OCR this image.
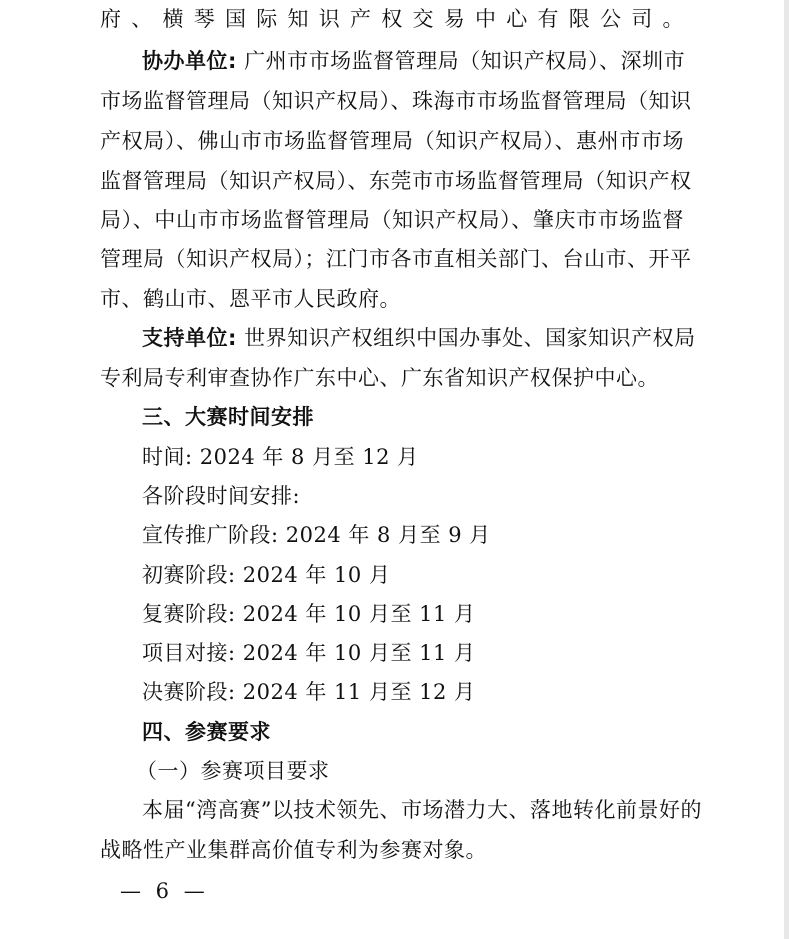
府、横琴国际知识产权交易中心有限公司。
协办单位: 广州市市场监督管理局（知识产权局）、深圳市
市场监督管理局（知识产权局）、珠海市市场监督管理局（知识
产权局）、佛山市市场监督管理局（知识产权局）、惠州市市场
监督管理局（知识产权局）、东莞市市场监督管理局（知识产权
局）、中山市市场监督管理局（知识产权局）、肇庆市市场监督
管理局（知识产权局）；江门市各市直相关部门、台山市、开平
市、鹤山市、恩平市人民政府。
支持单位: 世界知识产权组织中国办事处、国家知识产权局
专利局专利审查协作广东中心、广东省知识产权保护中心。
三、大赛时间安排
时间: 2024 年 8 月至 12 月
各阶段时间安排:
宣传推广阶段: 2024 年 8 月至 9 月
初赛阶段: 2024 年 10 月
复赛阶段: 2024 年 10 月至 11 月
项目对接: 2024 年 10 月至 11 月
决赛阶段: 2024 年 11 月至 12 月
四、参赛要求
（一）参赛项目要求
本届“湾高赛”以技术领先、市场潜力大、落地转化前景好的
战略性产业集群高价值专利为参赛对象。
— 6 —
